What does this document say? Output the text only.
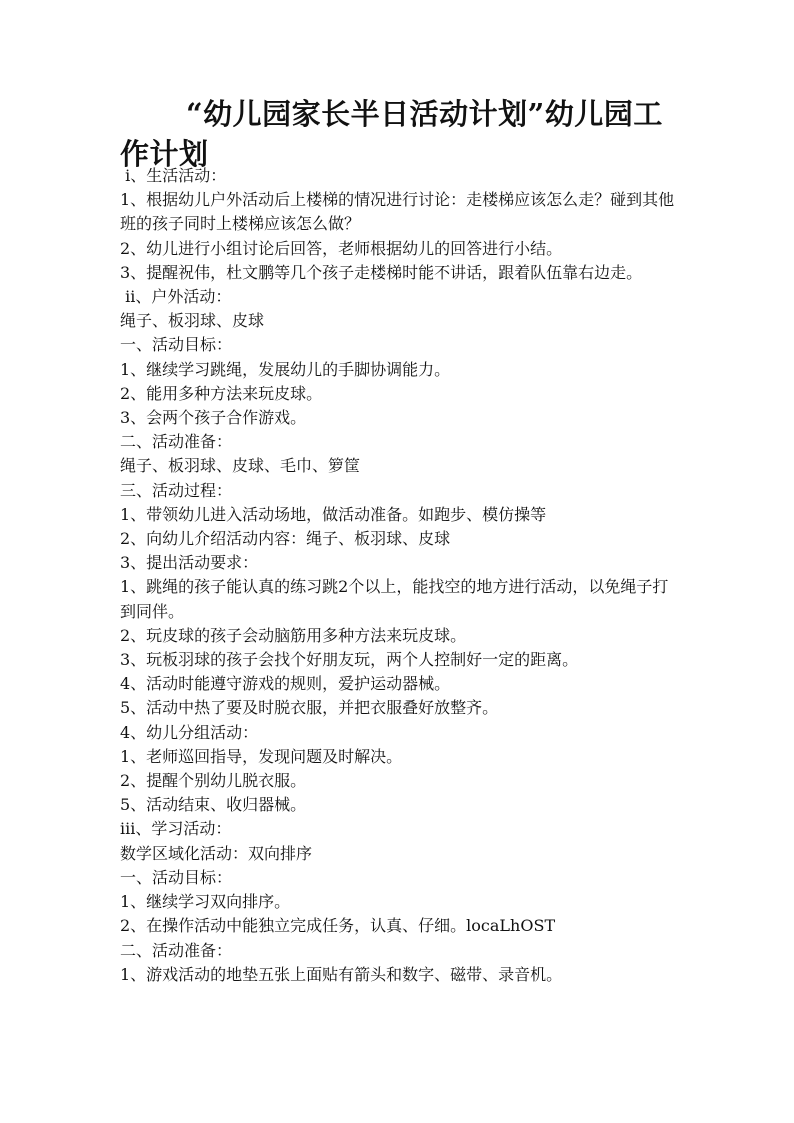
“幼儿园家长半日活动计划”幼儿园工作计划
ⅰ、生活活动：
1、根据幼儿户外活动后上楼梯的情况进行讨论：走楼梯应该怎么走？碰到其他班的孩子同时上楼梯应该怎么做？
2、幼儿进行小组讨论后回答，老师根据幼儿的回答进行小结。
3、提醒祝伟，杜文鹏等几个孩子走楼梯时能不讲话，跟着队伍靠右边走。
ⅱ、户外活动：
绳子、板羽球、皮球
一、活动目标：
1、继续学习跳绳，发展幼儿的手脚协调能力。
2、能用多种方法来玩皮球。
3、会两个孩子合作游戏。
二、活动准备：
绳子、板羽球、皮球、毛巾、箩筐
三、活动过程：
1、带领幼儿进入活动场地，做活动准备。如跑步、模仿操等
2、向幼儿介绍活动内容：绳子、板羽球、皮球
3、提出活动要求：
1、跳绳的孩子能认真的练习跳2个以上，能找空的地方进行活动，以免绳子打到同伴。
2、玩皮球的孩子会动脑筋用多种方法来玩皮球。
3、玩板羽球的孩子会找个好朋友玩，两个人控制好一定的距离。
4、活动时能遵守游戏的规则，爱护运动器械。
5、活动中热了要及时脱衣服，并把衣服叠好放整齐。
4、幼儿分组活动：
1、老师巡回指导，发现问题及时解决。
2、提醒个别幼儿脱衣服。
5、活动结束、收归器械。
ⅲ、学习活动：
数学区域化活动：双向排序
一、活动目标：
1、继续学习双向排序。
2、在操作活动中能独立完成任务，认真、仔细。locaLhOST
二、活动准备：
1、游戏活动的地垫五张上面贴有箭头和数字、磁带、录音机。
